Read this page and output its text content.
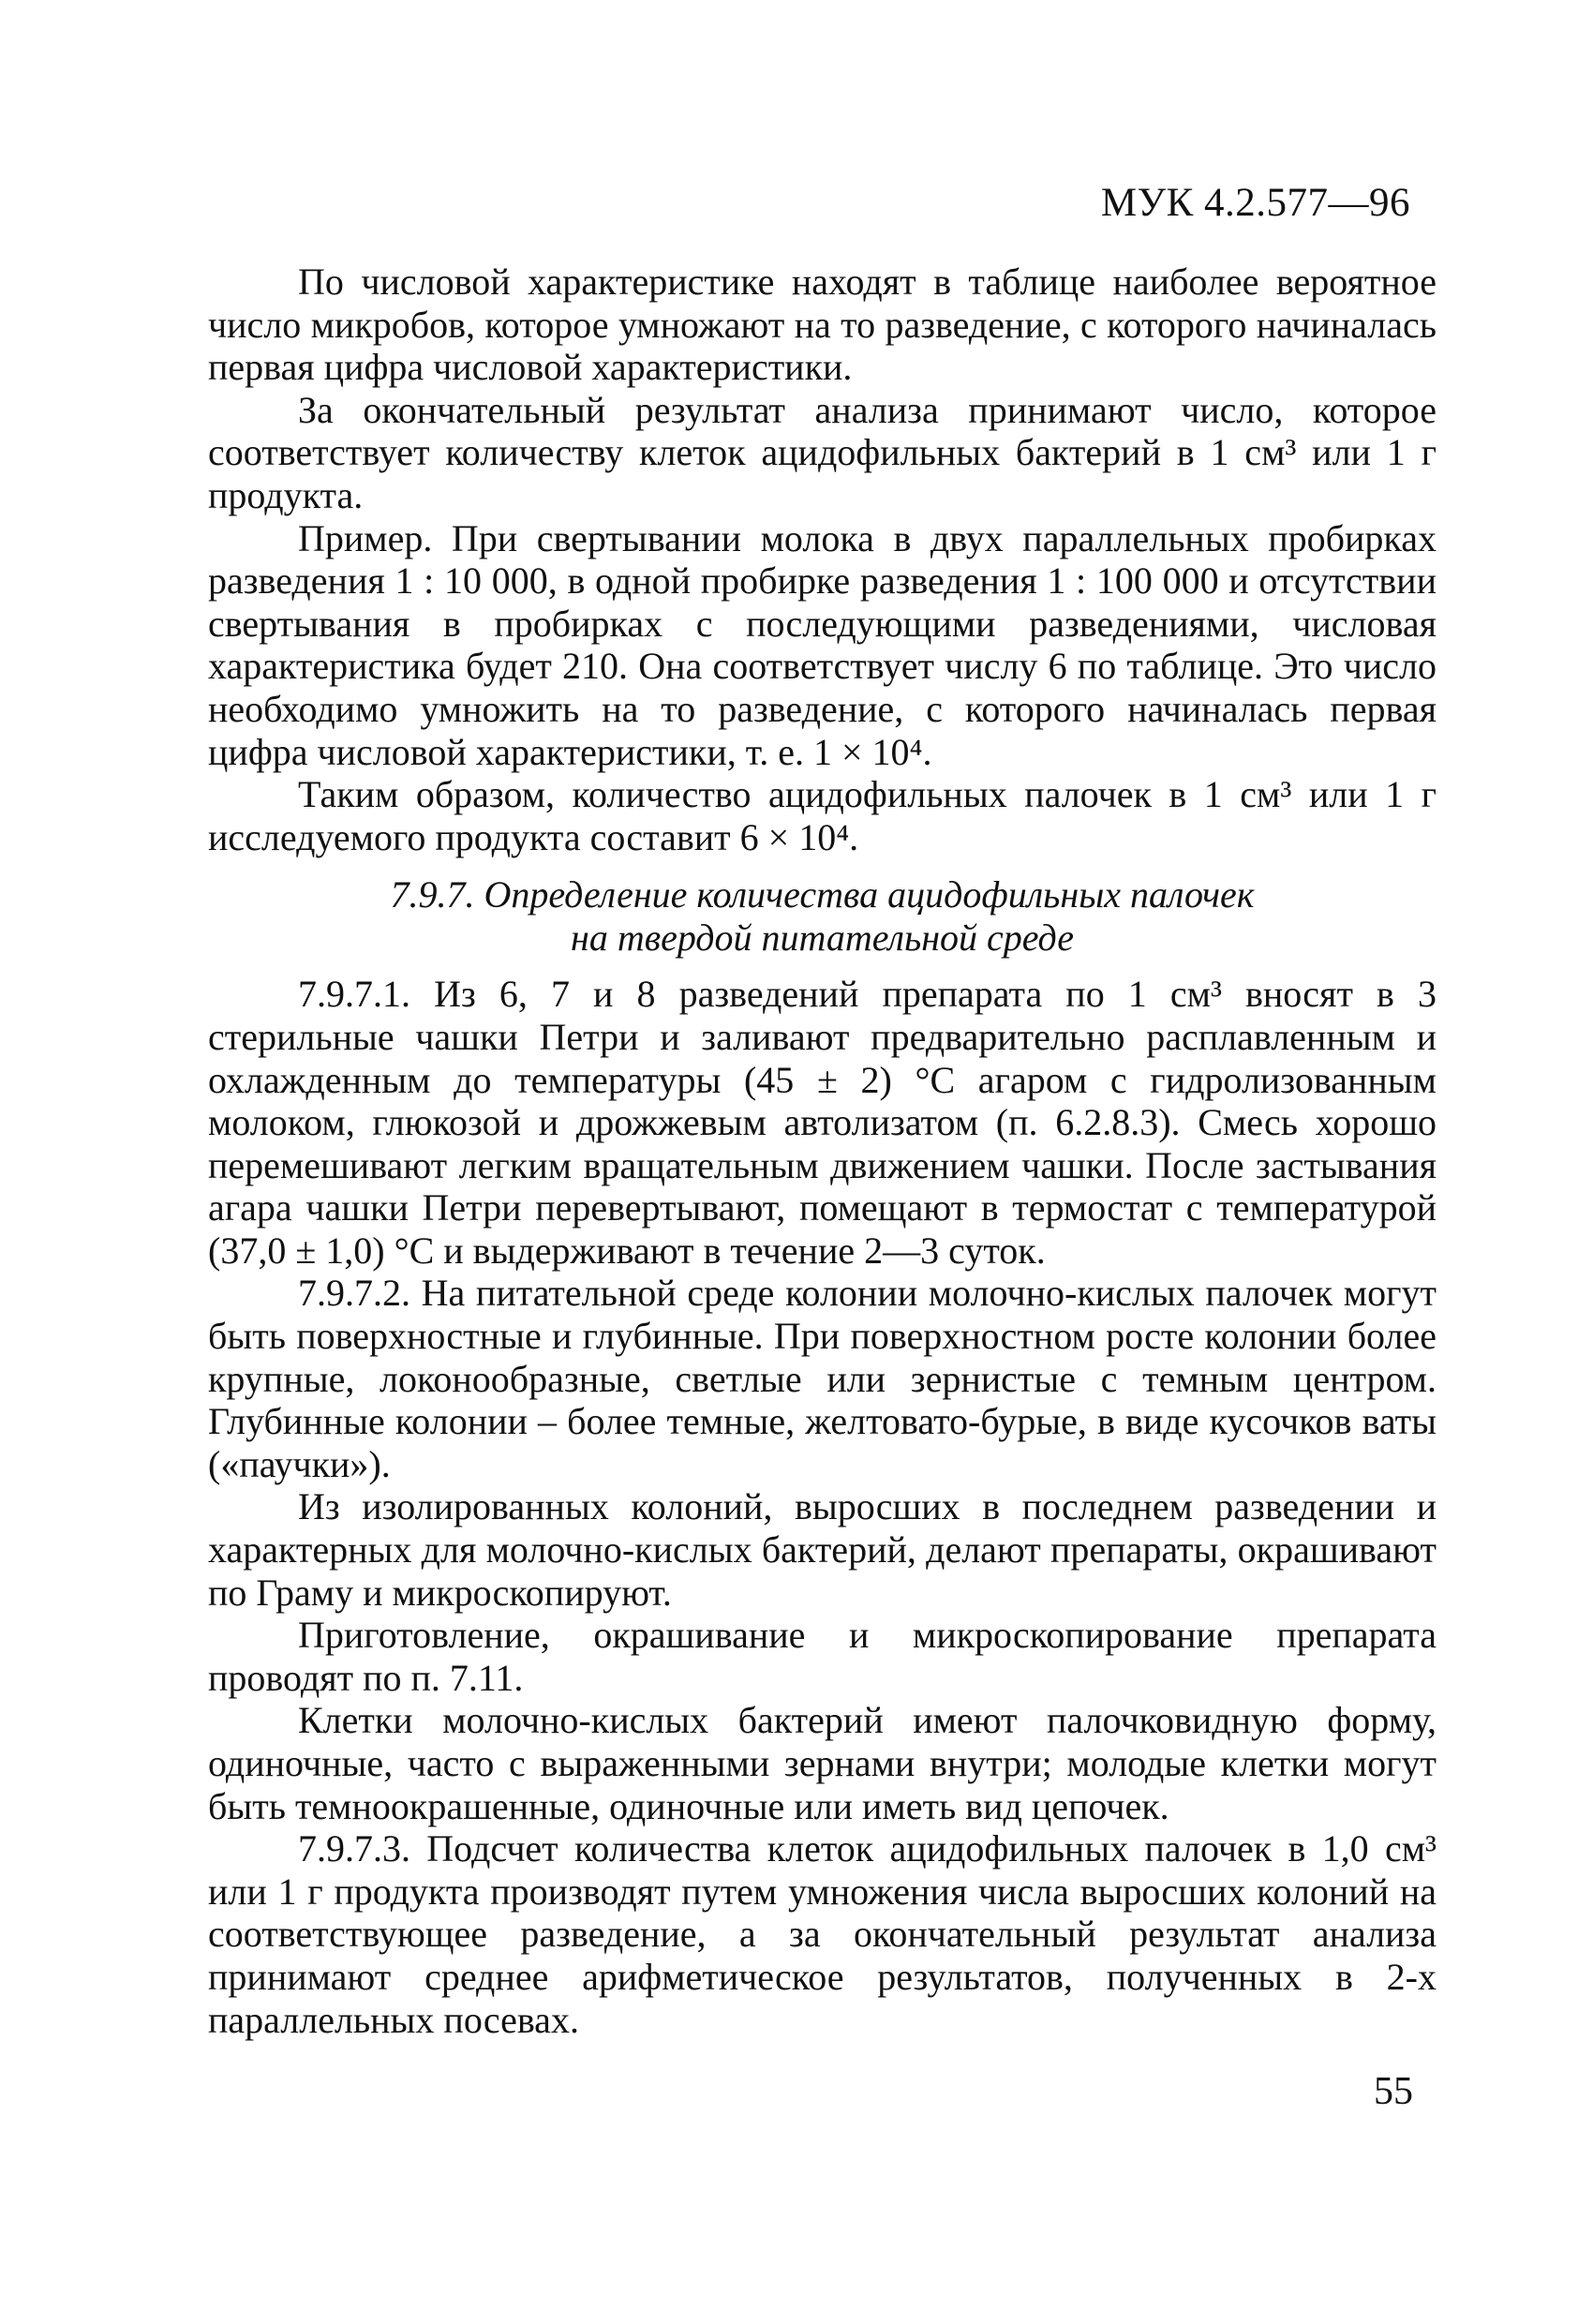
МУК 4.2.577—96

По числовой характеристике находят в таблице наиболее вероятное число микробов, которое умножают на то разведение, с которого начиналась первая цифра числовой характеристики.

За окончательный результат анализа принимают число, которое соответствует количеству клеток ацидофильных бактерий в 1 см³ или 1 г продукта.

Пример. При свертывании молока в двух параллельных пробирках разведения 1 : 10 000, в одной пробирке разведения 1 : 100 000 и отсутствии свертывания в пробирках с последующими разведениями, числовая характеристика будет 210. Она соответствует числу 6 по таблице. Это число необходимо умножить на то разведение, с которого начиналась первая цифра числовой характеристики, т. е. 1 × 10⁴.

Таким образом, количество ацидофильных палочек в 1 см³ или 1 г исследуемого продукта составит 6 × 10⁴.

7.9.7. Определение количества ацидофильных палочек
на твердой питательной среде

7.9.7.1. Из 6, 7 и 8 разведений препарата по 1 см³ вносят в 3 стерильные чашки Петри и заливают предварительно расплавленным и охлажденным до температуры (45 ± 2) °С агаром с гидролизованным молоком, глюкозой и дрожжевым автолизатом (п. 6.2.8.3). Смесь хорошо перемешивают легким вращательным движением чашки. После застывания агара чашки Петри перевертывают, помещают в термостат с температурой (37,0 ± 1,0) °С и выдерживают в течение 2—3 суток.

7.9.7.2. На питательной среде колонии молочно-кислых палочек могут быть поверхностные и глубинные. При поверхностном росте колонии более крупные, локонообразные, светлые или зернистые с темным центром. Глубинные колонии – более темные, желтовато-бурые, в виде кусочков ваты («паучки»).

Из изолированных колоний, выросших в последнем разведении и характерных для молочно-кислых бактерий, делают препараты, окрашивают по Граму и микроскопируют.

Приготовление, окрашивание и микроскопирование препарата проводят по п. 7.11.

Клетки молочно-кислых бактерий имеют палочковидную форму, одиночные, часто с выраженными зернами внутри; молодые клетки могут быть темноокрашенные, одиночные или иметь вид цепочек.

7.9.7.3. Подсчет количества клеток ацидофильных палочек в 1,0 см³ или 1 г продукта производят путем умножения числа выросших колоний на соответствующее разведение, а за окончательный результат анализа принимают среднее арифметическое результатов, полученных в 2-х параллельных посевах.

55
